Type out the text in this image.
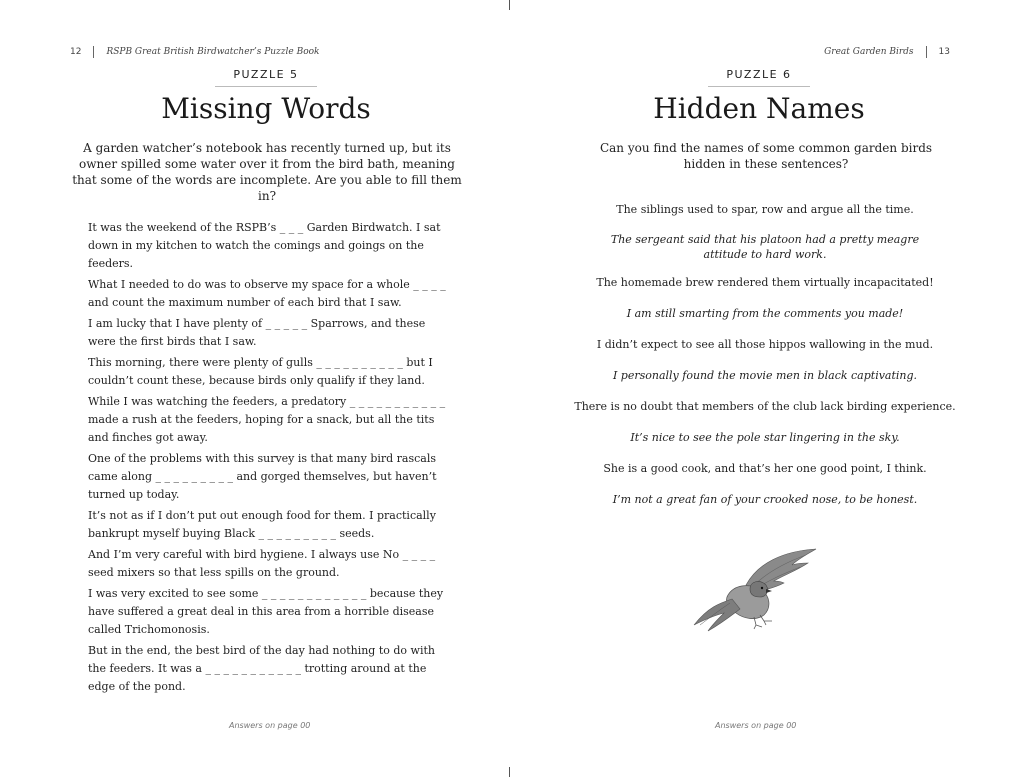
12	RSPB Great British Birdwatcher’s Puzzle Book
PUZZLE 5
Missing Words

A garden watcher’s notebook has recently turned up, but its owner spilled some water over it from the bird bath, meaning that some of the words are incomplete. Are you able to fill them in?

It was the weekend of the RSPB’s _ _ _ Garden Birdwatch. I sat down in my kitchen to watch the comings and goings on the feeders.
What I needed to do was to observe my space for a whole _ _ _ _ and count the maximum number of each bird that I saw.
I am lucky that I have plenty of _ _ _ _ _ Sparrows, and these were the first birds that I saw.
This morning, there were plenty of gulls _ _ _ _ _ _ _ _ _ _ but I couldn’t count these, because birds only qualify if they land.
While I was watching the feeders, a predatory _ _ _ _ _ _ _ _ _ _ _ made a rush at the feeders, hoping for a snack, but all the tits and finches got away.
One of the problems with this survey is that many bird rascals came along _ _ _ _ _ _ _ _ _ and gorged themselves, but haven’t turned up today.
It’s not as if I don’t put out enough food for them. I practically bankrupt myself buying Black _ _ _ _ _ _ _ _ _ seeds.
And I’m very careful with bird hygiene. I always use No _ _ _ _ seed mixers so that less spills on the ground.
I was very excited to see some _ _ _ _ _ _ _ _ _ _ _ _ because they have suffered a great deal in this area from a horrible disease called Trichomonosis.
But in the end, the best bird of the day had nothing to do with the feeders. It was a _ _ _ _ _ _ _ _ _ _ _ trotting around at the edge of the pond.
Answers on page 00
Great Garden Birds	13
PUZZLE 6
Hidden Names

Can you find the names of some common garden birds hidden in these sentences?

The siblings used to spar, row and argue all the time.
The sergeant said that his platoon had a pretty meagre attitude to hard work.
The homemade brew rendered them virtually incapacitated!
I am still smarting from the comments you made!
I didn’t expect to see all those hippos wallowing in the mud.
I personally found the movie men in black captivating.
There is no doubt that members of the club lack birding experience.
It’s nice to see the pole star lingering in the sky.
She is a good cook, and that’s her one good point, I think.
I’m not a great fan of your crooked nose, to be honest.
Answers on page 00
